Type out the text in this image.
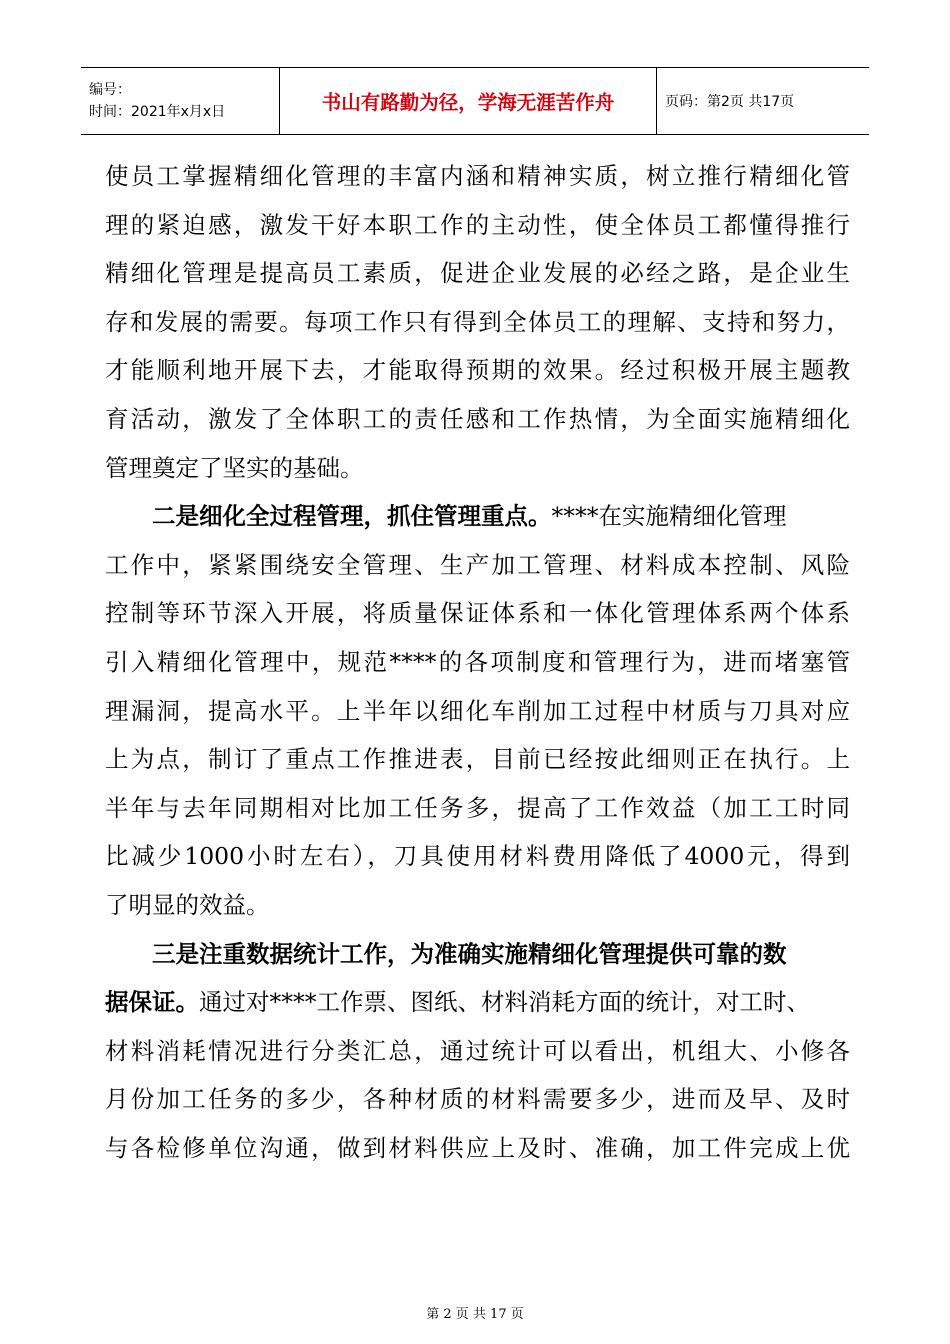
编号：
时间：2021年x月x日	书山有路勤为径，学海无涯苦作舟	页码：第2页 共17页
使员工掌握精细化管理的丰富内涵和精神实质，树立推行精细化管
理的紧迫感，激发干好本职工作的主动性，使全体员工都懂得推行
精细化管理是提高员工素质，促进企业发展的必经之路，是企业生
存和发展的需要。每项工作只有得到全体员工的理解、支持和努力，
才能顺利地开展下去，才能取得预期的效果。经过积极开展主题教
育活动，激发了全体职工的责任感和工作热情，为全面实施精细化
管理奠定了坚实的基础。
二是细化全过程管理，抓住管理重点。****在实施精细化管理
工作中，紧紧围绕安全管理、生产加工管理、材料成本控制、风险
控制等环节深入开展，将质量保证体系和一体化管理体系两个体系
引入精细化管理中，规范****的各项制度和管理行为，进而堵塞管
理漏洞，提高水平。上半年以细化车削加工过程中材质与刀具对应
上为点，制订了重点工作推进表，目前已经按此细则正在执行。上
半年与去年同期相对比加工任务多，提高了工作效益（加工工时同
比减少1000小时左右），刀具使用材料费用降低了4000元，得到
了明显的效益。
三是注重数据统计工作，为准确实施精细化管理提供可靠的数
据保证。通过对****工作票、图纸、材料消耗方面的统计，对工时、
材料消耗情况进行分类汇总，通过统计可以看出，机组大、小修各
月份加工任务的多少，各种材质的材料需要多少，进而及早、及时
与各检修单位沟通，做到材料供应上及时、准确，加工件完成上优
第 2 页 共 17 页
